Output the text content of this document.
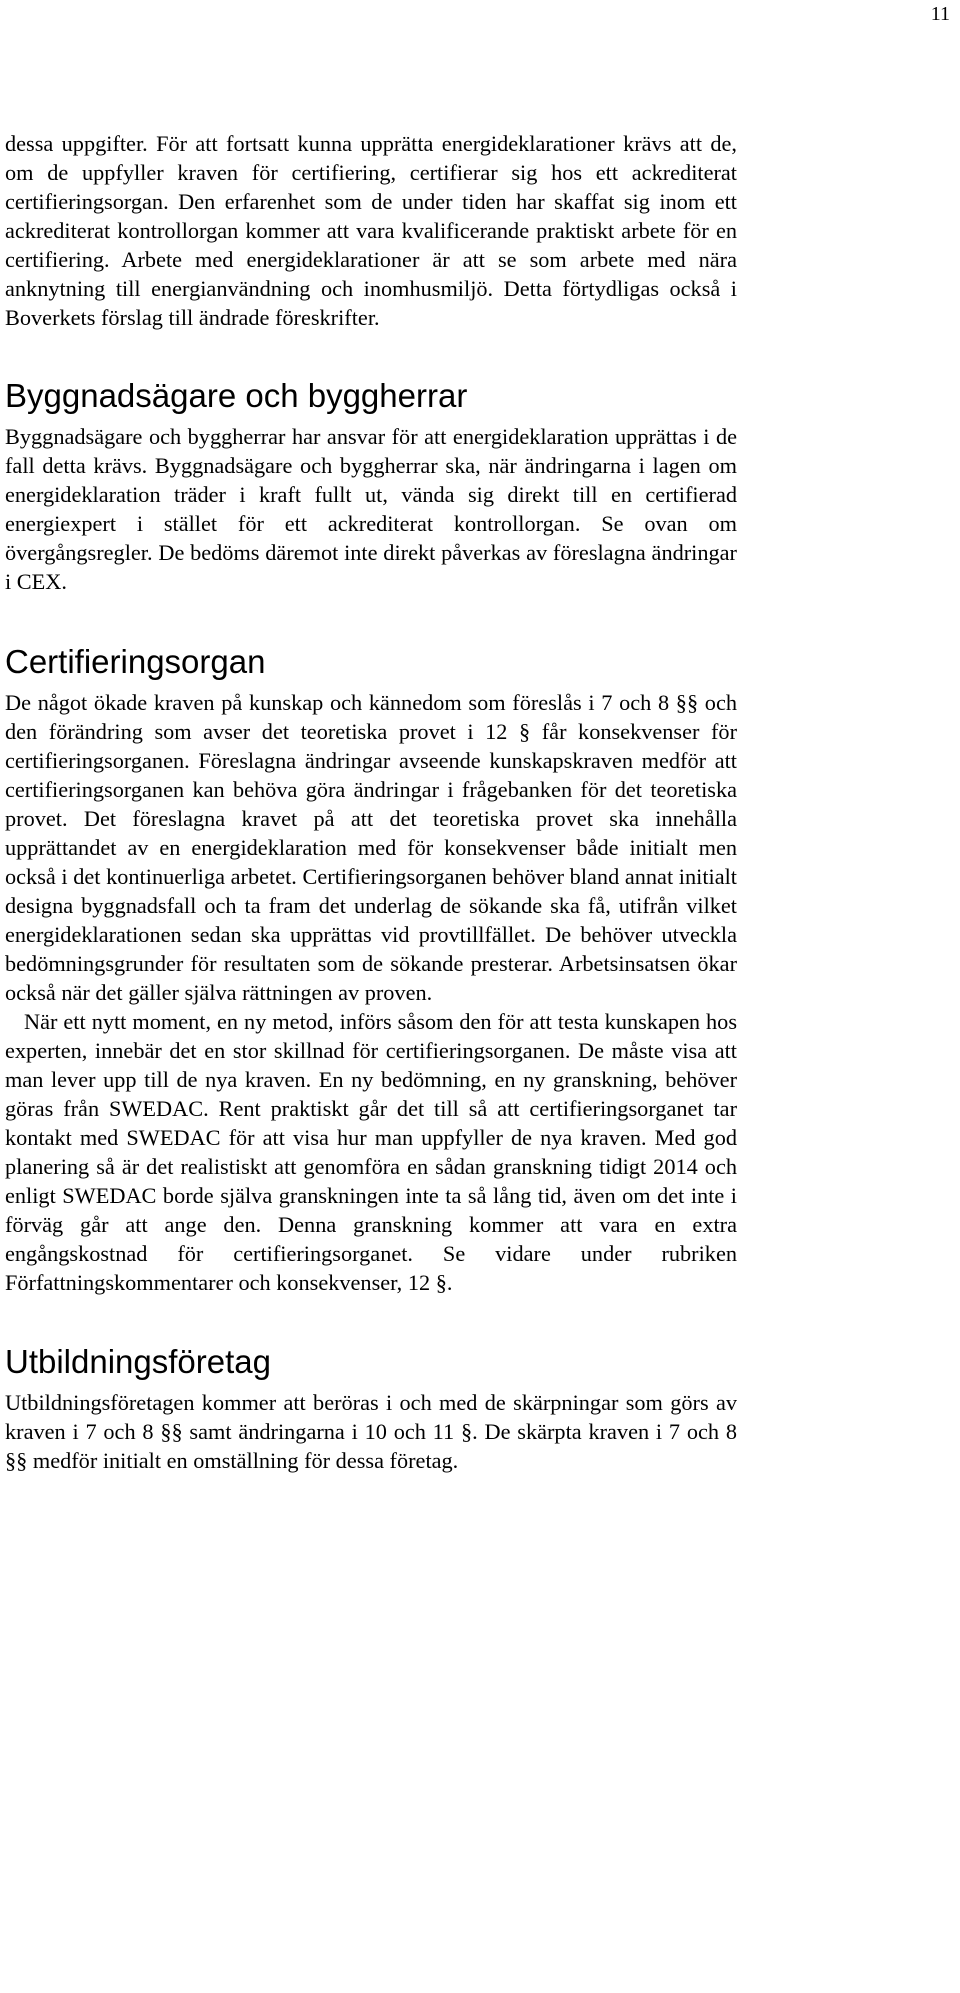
11

dessa uppgifter. För att fortsatt kunna upprätta energideklarationer krävs att de, om de uppfyller kraven för certifiering, certifierar sig hos ett ackrediterat certifieringsorgan. Den erfarenhet som de under tiden har skaffat sig inom ett ackrediterat kontrollorgan kommer att vara kvalificerande praktiskt arbete för en certifiering. Arbete med energideklarationer är att se som arbete med nära anknytning till energianvändning och inomhusmiljö. Detta förtydligas också i Boverkets förslag till ändrade föreskrifter.

Byggnadsägare och byggherrar

Byggnadsägare och byggherrar har ansvar för att energideklaration upprättas i de fall detta krävs. Byggnadsägare och byggherrar ska, när ändringarna i lagen om energideklaration träder i kraft fullt ut, vända sig direkt till en certifierad energiexpert i stället för ett ackrediterat kontrollorgan. Se ovan om övergångsregler. De bedöms däremot inte direkt påverkas av föreslagna ändringar i CEX.

Certifieringsorgan

De något ökade kraven på kunskap och kännedom som föreslås i 7 och 8 §§ och den förändring som avser det teoretiska provet i 12 § får konsekvenser för certifieringsorganen. Föreslagna ändringar avseende kunskapskraven medför att certifieringsorganen kan behöva göra ändringar i frågebanken för det teoretiska provet. Det föreslagna kravet på att det teoretiska provet ska innehålla upprättandet av en energideklaration med för konsekvenser både initialt men också i det kontinuerliga arbetet. Certifieringsorganen behöver bland annat initialt designa byggnadsfall och ta fram det underlag de sökande ska få, utifrån vilket energideklarationen sedan ska upprättas vid provtillfället. De behöver utveckla bedömningsgrunder för resultaten som de sökande presterar. Arbetsinsatsen ökar också när det gäller själva rättningen av proven.

När ett nytt moment, en ny metod, införs såsom den för att testa kunskapen hos experten, innebär det en stor skillnad för certifieringsorganen. De måste visa att man lever upp till de nya kraven. En ny bedömning, en ny granskning, behöver göras från SWEDAC. Rent praktiskt går det till så att certifieringsorganet tar kontakt med SWEDAC för att visa hur man uppfyller de nya kraven. Med god planering så är det realistiskt att genomföra en sådan granskning tidigt 2014 och enligt SWEDAC borde själva granskningen inte ta så lång tid, även om det inte i förväg går att ange den. Denna granskning kommer att vara en extra engångskostnad för certifieringsorganet. Se vidare under rubriken Författningskommentarer och konsekvenser, 12 §.

Utbildningsföretag

Utbildningsföretagen kommer att beröras i och med de skärpningar som görs av kraven i 7 och 8 §§ samt ändringarna i 10 och 11 §. De skärpta kraven i 7 och 8 §§ medför initialt en omställning för dessa företag.
